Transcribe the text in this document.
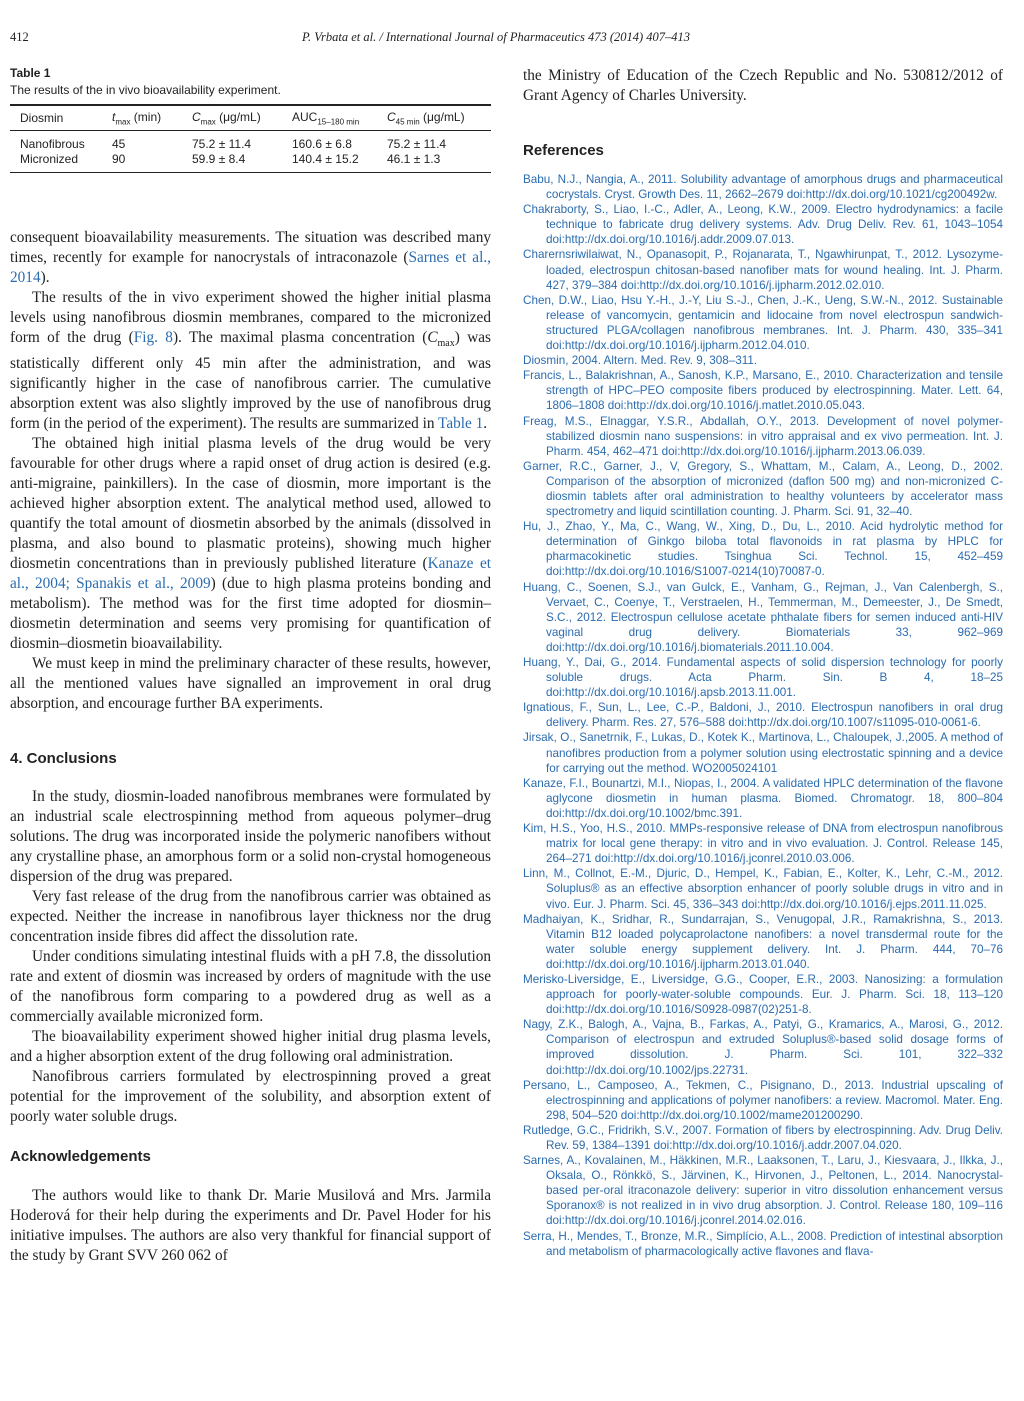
412	P. Vrbata et al. / International Journal of Pharmaceutics 473 (2014) 407–413
Table 1
The results of the in vivo bioavailability experiment.
Diosmin	$t_{max}$ (min)	$C_{max}$ (μg/mL)	$AUC_{15-180 min}$	$C_{45 min}$ (μg/mL)
Nanofibrous	45	75.2 ± 11.4	160.6 ± 6.8	75.2 ± 11.4
Micronized	90	59.9 ± 8.4	140.4 ± 15.2	46.1 ± 1.3

consequent bioavailability measurements. The situation was described many times, recently for example for nanocrystals of intraconazole (Sarnes et al., 2014).

The results of the in vivo experiment showed the higher initial plasma levels using nanofibrous diosmin membranes, compared to the micronized form of the drug (Fig. 8). The maximal plasma concentration $(C_{max})$ was statistically different only 45 min after the administration, and was significantly higher in the case of nanofibrous carrier. The cumulative absorption extent was also slightly improved by the use of nanofibrous drug form (in the period of the experiment). The results are summarized in Table 1.

The obtained high initial plasma levels of the drug would be very favourable for other drugs where a rapid onset of drug action is desired (e.g. anti-migraine, painkillers). In the case of diosmin, more important is the achieved higher absorption extent. The analytical method used, allowed to quantify the total amount of diosmetin absorbed by the animals (dissolved in plasma, and also bound to plasmatic proteins), showing much higher diosmetin concentrations than in previously published literature (Kanaze et al., 2004; Spanakis et al., 2009) (due to high plasma proteins bonding and metabolism). The method was for the first time adopted for diosmin–diosmetin determination and seems very promising for quantification of diosmin–diosmetin bioavailability.

We must keep in mind the preliminary character of these results, however, all the mentioned values have signalled an improvement in oral drug absorption, and encourage further BA experiments.

4. Conclusions

In the study, diosmin-loaded nanofibrous membranes were formulated by an industrial scale electrospinning method from aqueous polymer–drug solutions. The drug was incorporated inside the polymeric nanofibers without any crystalline phase, an amorphous form or a solid non-crystal homogeneous dispersion of the drug was prepared.

Very fast release of the drug from the nanofibrous carrier was obtained as expected. Neither the increase in nanofibrous layer thickness nor the drug concentration inside fibres did affect the dissolution rate.

Under conditions simulating intestinal fluids with a pH 7.8, the dissolution rate and extent of diosmin was increased by orders of magnitude with the use of the nanofibrous form comparing to a powdered drug as well as a commercially available micronized form.

The bioavailability experiment showed higher initial drug plasma levels, and a higher absorption extent of the drug following oral administration.

Nanofibrous carriers formulated by electrospinning proved a great potential for the improvement of the solubility, and absorption extent of poorly water soluble drugs.

Acknowledgements

The authors would like to thank Dr. Marie Musilová and Mrs. Jarmila Hoderová for their help during the experiments and Dr. Pavel Hoder for his initiative impulses. The authors are also very thankful for financial support of the study by Grant SVV 260 062 of

the Ministry of Education of the Czech Republic and No. 530812/2012 of Grant Agency of Charles University.
References
Babu, N.J., Nangia, A., 2011. Solubility advantage of amorphous drugs and pharmaceutical cocrystals. Cryst. Growth Des. 11, 2662–2679 doi:http://dx.doi.org/10.1021/cg200492w.
Chakraborty, S., Liao, I.-C., Adler, A., Leong, K.W., 2009. Electro hydrodynamics: a facile technique to fabricate drug delivery systems. Adv. Drug Deliv. Rev. 61, 1043–1054 doi:http://dx.doi.org/10.1016/j.addr.2009.07.013.
Charernsriwilaiwat, N., Opanasopit, P., Rojanarata, T., Ngawhirunpat, T., 2012. Lysozyme-loaded, electrospun chitosan-based nanofiber mats for wound healing. Int. J. Pharm. 427, 379–384 doi:http://dx.doi.org/10.1016/j.ijpharm.2012.02.010.
Chen, D.W., Liao, Hsu Y.-H., J.-Y, Liu S.-J., Chen, J.-K., Ueng, S.W.-N., 2012. Sustainable release of vancomycin, gentamicin and lidocaine from novel electrospun sandwich-structured PLGA/collagen nanofibrous membranes. Int. J. Pharm. 430, 335–341 doi:http://dx.doi.org/10.1016/j.ijpharm.2012.04.010.
Diosmin, 2004. Altern. Med. Rev. 9, 308–311.
Francis, L., Balakrishnan, A., Sanosh, K.P., Marsano, E., 2010. Characterization and tensile strength of HPC–PEO composite fibers produced by electrospinning. Mater. Lett. 64, 1806–1808 doi:http://dx.doi.org/10.1016/j.matlet.2010.05.043.
Freag, M.S., Elnaggar, Y.S.R., Abdallah, O.Y., 2013. Development of novel polymer-stabilized diosmin nano suspensions: in vitro appraisal and ex vivo permeation. Int. J. Pharm. 454, 462–471 doi:http://dx.doi.org/10.1016/j.ijpharm.2013.06.039.
Garner, R.C., Garner, J., V, Gregory, S., Whattam, M., Calam, A., Leong, D., 2002. Comparison of the absorption of micronized (daflon 500 mg) and non-micronized C-diosmin tablets after oral administration to healthy volunteers by accelerator mass spectrometry and liquid scintillation counting. J. Pharm. Sci. 91, 32–40.
Hu, J., Zhao, Y., Ma, C., Wang, W., Xing, D., Du, L., 2010. Acid hydrolytic method for determination of Ginkgo biloba total flavonoids in rat plasma by HPLC for pharmacokinetic studies. Tsinghua Sci. Technol. 15, 452–459 doi:http://dx.doi.org/10.1016/S1007-0214(10)70087-0.
Huang, C., Soenen, S.J., van Gulck, E., Vanham, G., Rejman, J., Van Calenbergh, S., Vervaet, C., Coenye, T., Verstraelen, H., Temmerman, M., Demeester, J., De Smedt, S.C., 2012. Electrospun cellulose acetate phthalate fibers for semen induced anti-HIV vaginal drug delivery. Biomaterials 33, 962–969 doi:http://dx.doi.org/10.1016/j.biomaterials.2011.10.004.
Huang, Y., Dai, G., 2014. Fundamental aspects of solid dispersion technology for poorly soluble drugs. Acta Pharm. Sin. B 4, 18–25 doi:http://dx.doi.org/10.1016/j.apsb.2013.11.001.
Ignatious, F., Sun, L., Lee, C.-P., Baldoni, J., 2010. Electrospun nanofibers in oral drug delivery. Pharm. Res. 27, 576–588 doi:http://dx.doi.org/10.1007/s11095-010-0061-6.
Jirsak, O., Sanetrnik, F., Lukas, D., Kotek K., Martinova, L., Chaloupek, J.,2005. A method of nanofibres production from a polymer solution using electrostatic spinning and a device for carrying out the method. WO2005024101
Kanaze, F.I., Bounartzi, M.I., Niopas, I., 2004. A validated HPLC determination of the flavone aglycone diosmetin in human plasma. Biomed. Chromatogr. 18, 800–804 doi:http://dx.doi.org/10.1002/bmc.391.
Kim, H.S., Yoo, H.S., 2010. MMPs-responsive release of DNA from electrospun nanofibrous matrix for local gene therapy: in vitro and in vivo evaluation. J. Control. Release 145, 264–271 doi:http://dx.doi.org/10.1016/j.jconrel.2010.03.006.
Linn, M., Collnot, E.-M., Djuric, D., Hempel, K., Fabian, E., Kolter, K., Lehr, C.-M., 2012. Soluplus® as an effective absorption enhancer of poorly soluble drugs in vitro and in vivo. Eur. J. Pharm. Sci. 45, 336–343 doi:http://dx.doi.org/10.1016/j.ejps.2011.11.025.
Madhaiyan, K., Sridhar, R., Sundarrajan, S., Venugopal, J.R., Ramakrishna, S., 2013. Vitamin B12 loaded polycaprolactone nanofibers: a novel transdermal route for the water soluble energy supplement delivery. Int. J. Pharm. 444, 70–76 doi:http://dx.doi.org/10.1016/j.ijpharm.2013.01.040.
Merisko-Liversidge, E., Liversidge, G.G., Cooper, E.R., 2003. Nanosizing: a formulation approach for poorly-water-soluble compounds. Eur. J. Pharm. Sci. 18, 113–120 doi:http://dx.doi.org/10.1016/S0928-0987(02)251-8.
Nagy, Z.K., Balogh, A., Vajna, B., Farkas, A., Patyi, G., Kramarics, A., Marosi, G., 2012. Comparison of electrospun and extruded Soluplus®-based solid dosage forms of improved dissolution. J. Pharm. Sci. 101, 322–332 doi:http://dx.doi.org/10.1002/jps.22731.
Persano, L., Camposeo, A., Tekmen, C., Pisignano, D., 2013. Industrial upscaling of electrospinning and applications of polymer nanofibers: a review. Macromol. Mater. Eng. 298, 504–520 doi:http://dx.doi.org/10.1002/mame201200290.
Rutledge, G.C., Fridrikh, S.V., 2007. Formation of fibers by electrospinning. Adv. Drug Deliv. Rev. 59, 1384–1391 doi:http://dx.doi.org/10.1016/j.addr.2007.04.020.
Sarnes, A., Kovalainen, M., Häkkinen, M.R., Laaksonen, T., Laru, J., Kiesvaara, J., Ilkka, J., Oksala, O., Rönkkö, S., Järvinen, K., Hirvonen, J., Peltonen, L., 2014. Nanocrystal-based per-oral itraconazole delivery: superior in vitro dissolution enhancement versus Sporanox® is not realized in in vivo drug absorption. J. Control. Release 180, 109–116 doi:http://dx.doi.org/10.1016/j.jconrel.2014.02.016.
Serra, H., Mendes, T., Bronze, M.R., Simplício, A.L., 2008. Prediction of intestinal absorption and metabolism of pharmacologically active flavones and flava-
